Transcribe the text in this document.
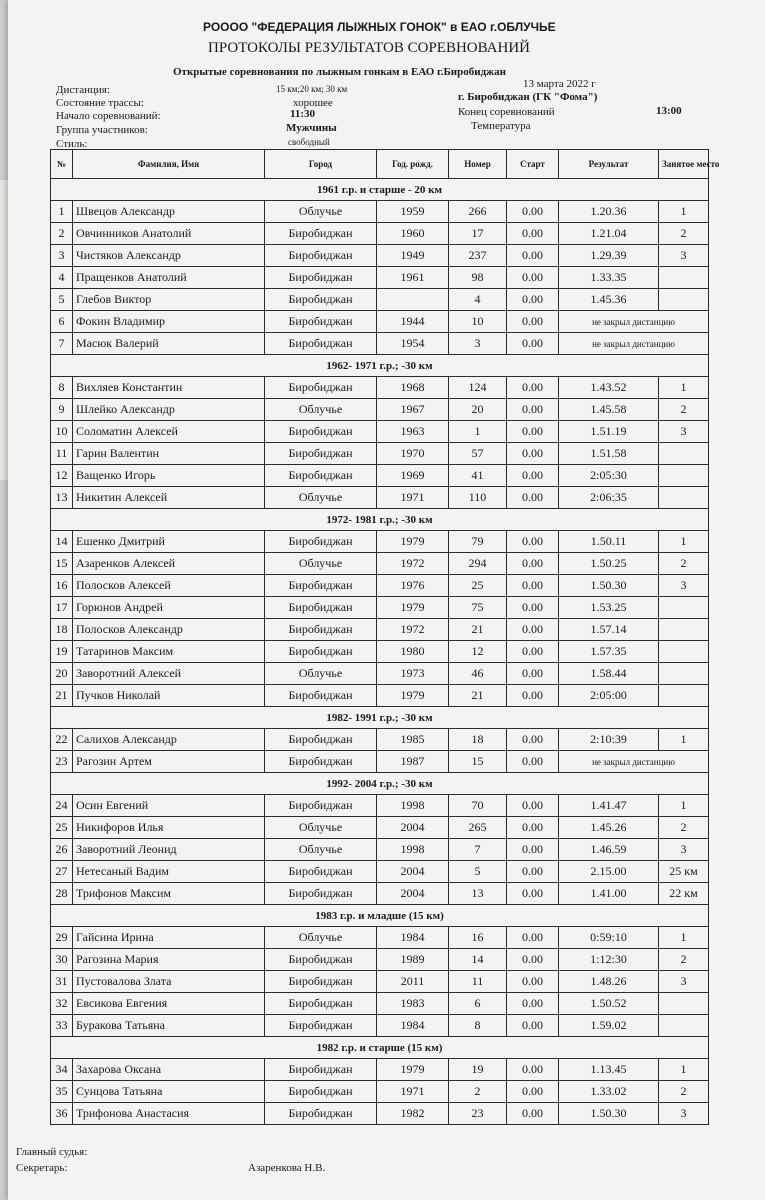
РОООО "ФЕДЕРАЦИЯ ЛЫЖНЫХ ГОНОК" в ЕАО г.ОБЛУЧЬЕ
ПРОТОКОЛЫ РЕЗУЛЬТАТОВ СОРЕВНОВАНИЙ
Открытые соревнования по лыжным гонкам в ЕАО г.Биробиджан
Дистанция:	15 км;20 км; 30 км	13 марта 2022 г
Состояние трассы:	хорошее	г. Биробиджан (ГК "Фома")
Начало соревнований:	11:30	Конец соревнований	13:00
Группа участников:	Мужчины	Температура
Стиль:	свободный
№	Фамилия, Имя	Город	Год. рожд.	Номер	Старт	Результат	Занятое место
1961 г.р. и старше - 20 км							
1	Швецов Александр	Облучье	1959	266	0.00	1.20.36	1
2	Овчинников Анатолий	Биробиджан	1960	17	0.00	1.21.04	2
3	Чистяков Александр	Биробиджан	1949	237	0.00	1.29.39	3
4	Пращенков Анатолий	Биробиджан	1961	98	0.00	1.33.35	
5	Глебов Виктор	Биробиджан		4	0.00	1.45.36	
6	Фокин Владимир	Биробиджан	1944	10	0.00	не закрыл дистанцию	
7	Масюк Валерий	Биробиджан	1954	3	0.00	не закрыл дистанцию	
1962- 1971 г.р.; -30 км							
8	Вихляев Константин	Биробиджан	1968	124	0.00	1.43.52	1
9	Шлейко Александр	Облучье	1967	20	0.00	1.45.58	2
10	Соломатин Алексей	Биробиджан	1963	1	0.00	1.51.19	3
11	Гарин Валентин	Биробиджан	1970	57	0.00	1.51.58	
12	Ващенко Игорь	Биробиджан	1969	41	0.00	2:05:30	
13	Никитин Алексей	Облучье	1971	110	0.00	2:06:35	
1972- 1981 г.р.; -30 км							
14	Ешенко Дмитрий	Биробиджан	1979	79	0.00	1.50.11	1
15	Азаренков Алексей	Облучье	1972	294	0.00	1.50.25	2
16	Полосков Алексей	Биробиджан	1976	25	0.00	1.50.30	3
17	Горюнов Андрей	Биробиджан	1979	75	0.00	1.53.25	
18	Полосков Александр	Биробиджан	1972	21	0.00	1.57.14	
19	Татаринов Максим	Биробиджан	1980	12	0.00	1.57.35	
20	Заворотний Алексей	Облучье	1973	46	0.00	1.58.44	
21	Пучков Николай	Биробиджан	1979	21	0.00	2:05:00	
1982- 1991 г.р.; -30 км							
22	Салихов Александр	Биробиджан	1985	18	0.00	2:10:39	1
23	Рагозин Артем	Биробиджан	1987	15	0.00	не закрыл дистанцию	
1992- 2004 г.р.; -30 км							
24	Осин Евгений	Биробиджан	1998	70	0.00	1.41.47	1
25	Никифоров Илья	Облучье	2004	265	0.00	1.45.26	2
26	Заворотний Леонид	Облучье	1998	7	0.00	1.46.59	3
27	Нетесаный Вадим	Биробиджан	2004	5	0.00	2.15.00	25 км
28	Трифонов Максим	Биробиджан	2004	13	0.00	1.41.00	22 км
1983 г.р. и младше (15 км)							
29	Гайсина Ирина	Облучье	1984	16	0.00	0:59:10	1
30	Рагозина Мария	Биробиджан	1989	14	0.00	1:12:30	2
31	Пустовалова Злата	Биробиджан	2011	11	0.00	1.48.26	3
32	Евсикова Евгения	Биробиджан	1983	6	0.00	1.50.52	
33	Буракова Татьяна	Биробиджан	1984	8	0.00	1.59.02	
1982 г.р. и старше (15 км)							
34	Захарова Оксана	Биробиджан	1979	19	0.00	1.13.45	1
35	Сунцова Татьяна	Биробиджан	1971	2	0.00	1.33.02	2
36	Трифонова Анастасия	Биробиджан	1982	23	0.00	1.50.30	3
Главный судья:
Секретарь:	Азаренкова Н.В.
